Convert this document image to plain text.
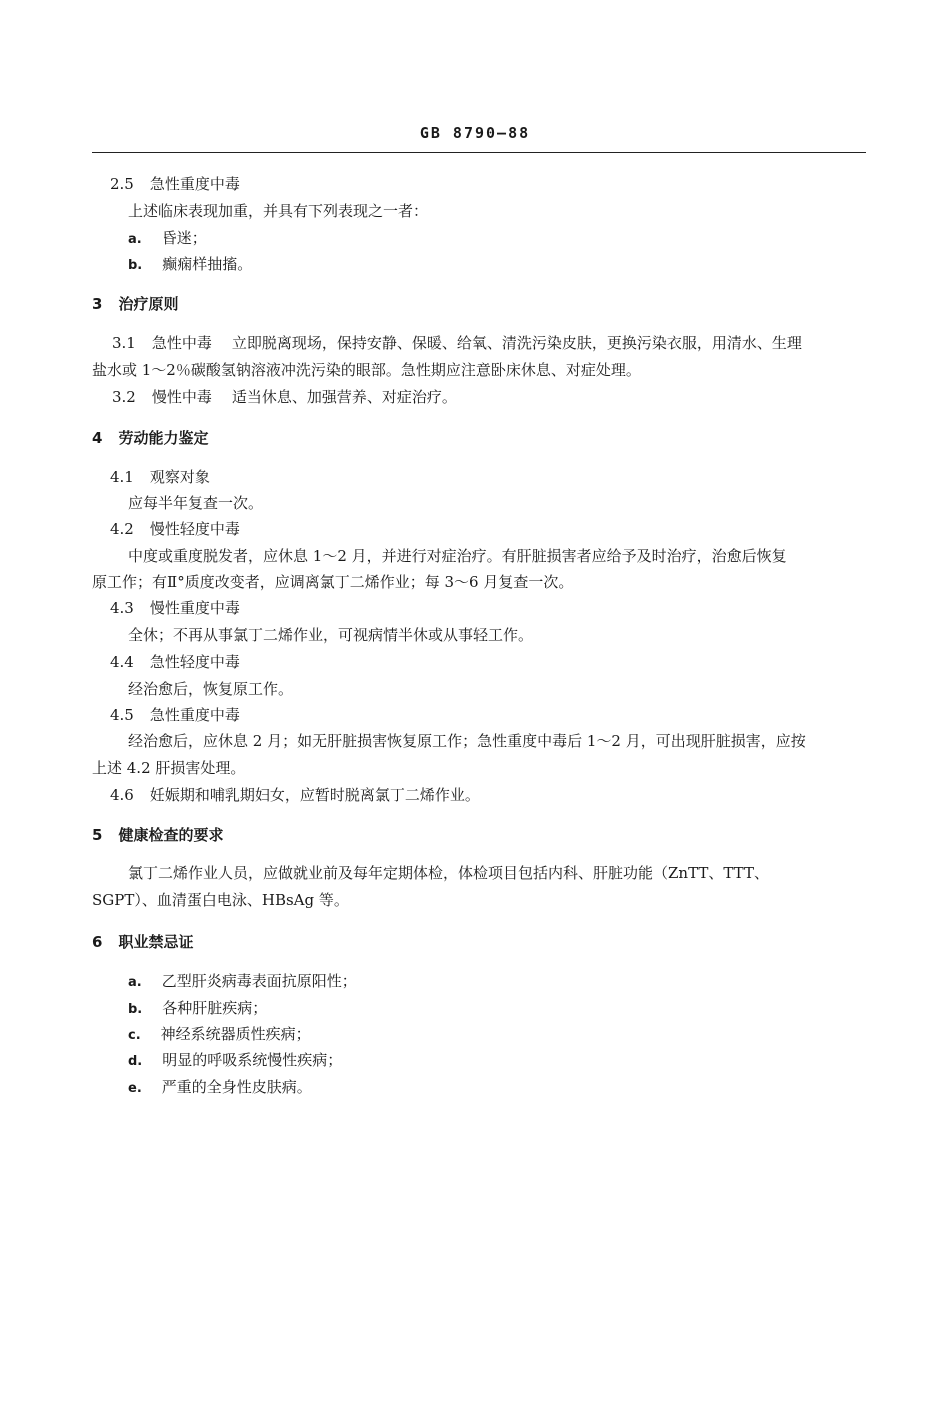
GB 8790—88
2.5 急性重度中毒
上述临床表现加重，并具有下列表现之一者：
a. 昏迷；
b. 癫痫样抽搐。
3 治疗原则
3.1 急性中毒 立即脱离现场，保持安静、保暖、给氧、清洗污染皮肤，更换污染衣服，用清水、生理
盐水或 1～2％碳酸氢钠溶液冲洗污染的眼部。急性期应注意卧床休息、对症处理。
3.2 慢性中毒 适当休息、加强营养、对症治疗。
4 劳动能力鉴定
4.1 观察对象
应每半年复查一次。
4.2 慢性轻度中毒
中度或重度脱发者，应休息 1～2 月，并进行对症治疗。有肝脏损害者应给予及时治疗，治愈后恢复
原工作；有Ⅱ°质度改变者，应调离氯丁二烯作业；每 3～6 月复查一次。
4.3 慢性重度中毒
全休；不再从事氯丁二烯作业，可视病情半休或从事轻工作。
4.4 急性轻度中毒
经治愈后，恢复原工作。
4.5 急性重度中毒
经治愈后，应休息 2 月；如无肝脏损害恢复原工作；急性重度中毒后 1～2 月，可出现肝脏损害，应按
上述 4.2 肝损害处理。
4.6 妊娠期和哺乳期妇女，应暂时脱离氯丁二烯作业。
5 健康检查的要求
氯丁二烯作业人员，应做就业前及每年定期体检，体检项目包括内科、肝脏功能（ZnTT、TTT、
SGPT）、血清蛋白电泳、HBsAg 等。
6 职业禁忌证
a. 乙型肝炎病毒表面抗原阳性；
b. 各种肝脏疾病；
c. 神经系统器质性疾病；
d. 明显的呼吸系统慢性疾病；
e. 严重的全身性皮肤病。
